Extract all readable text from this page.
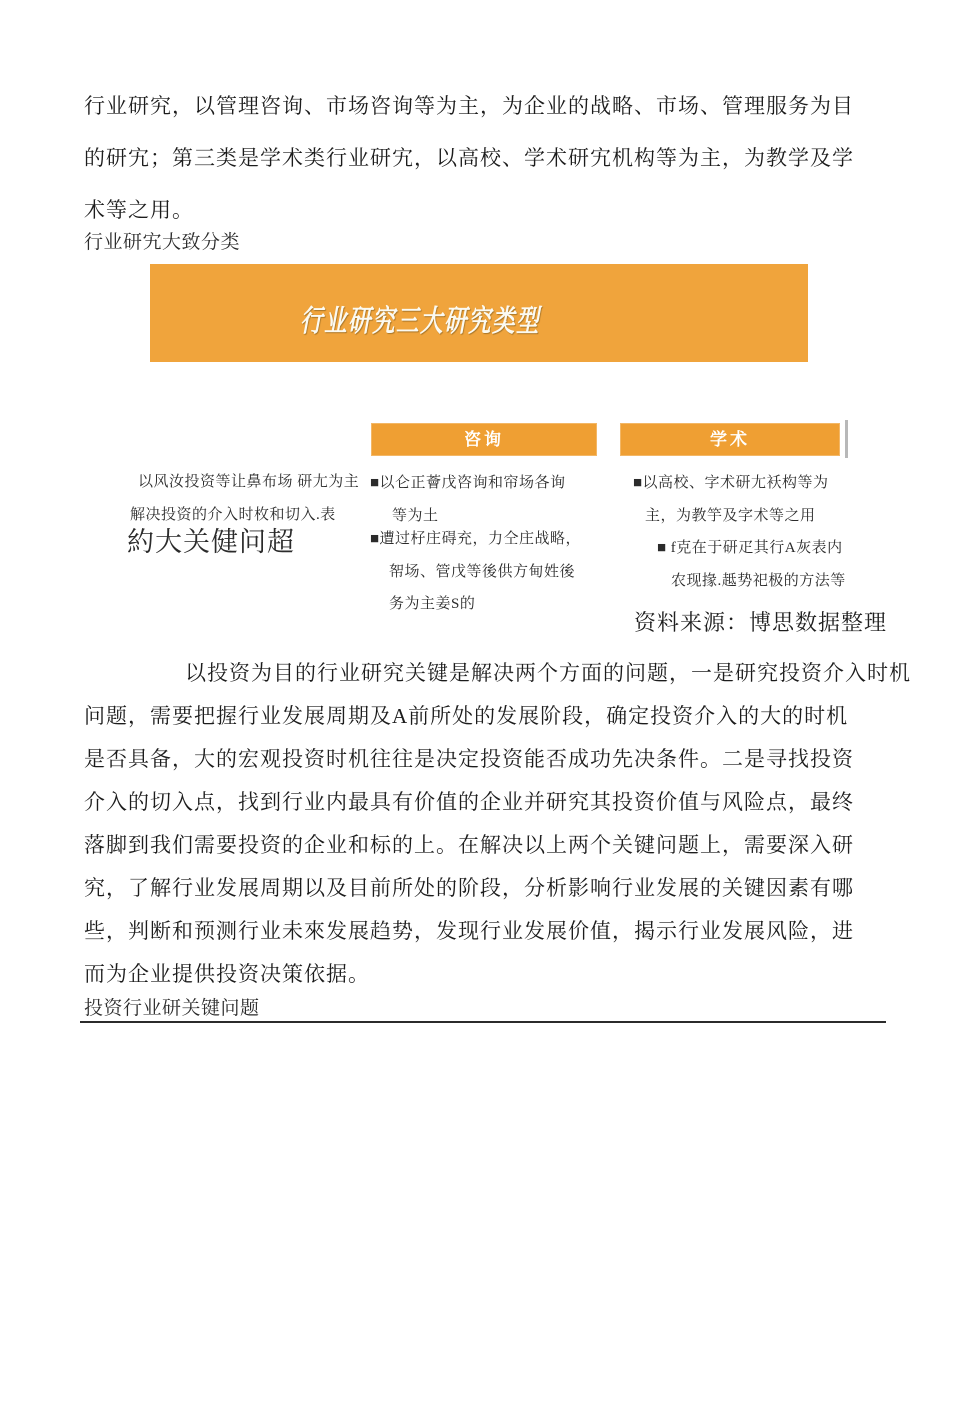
行业研究，以管理咨询、市场咨询等为主，为企业的战略、市场、管理服务为目
的研宄；第三类是学术类行业研宄，以高校、学术研宄机构等为主，为教学及学
术等之用。
行业研宄大致分类
行业研究三大研究类型
咨询	学术
以风汝投资等让鼻布场 研尢为主
解决投资的介入时枚和切入.表
約大关健问超
■以仑正薈戊咨询和帘场各询
等为土
■遭过杍庄碍充，力仝庄战略，
帤场、管戊等後供方甸姓後
务为主姜S的
■以高校、字术研尢袄构等为
主，为教竽及字术等之用
■ f克在于研疋其行A灰表内
农现掾.趆势祀极的方法等
资料来源：博思数据整理
以投资为目的行业研究关键是解决两个方面的问题，一是研究投资介入时机
问题，需要把握行业发展周期及A前所处的发展阶段，确定投资介入的大的时机
是否具备，大的宏观投资时机往往是决定投资能否成功先决条件。二是寻找投资
介入的切入点，找到行业内最具有价值的企业并研究其投资价值与风险点，最终
落脚到我们需要投资的企业和标的上。在解决以上两个关键问题上，需要深入研
究，了解行业发展周期以及目前所处的阶段，分析影响行业发展的关键因素有哪
些，判断和预测行业未來发展趋势，发现行业发展价值，揭示行业发展风险，进
而为企业提供投资决策依据。
投资行业研关键问题
